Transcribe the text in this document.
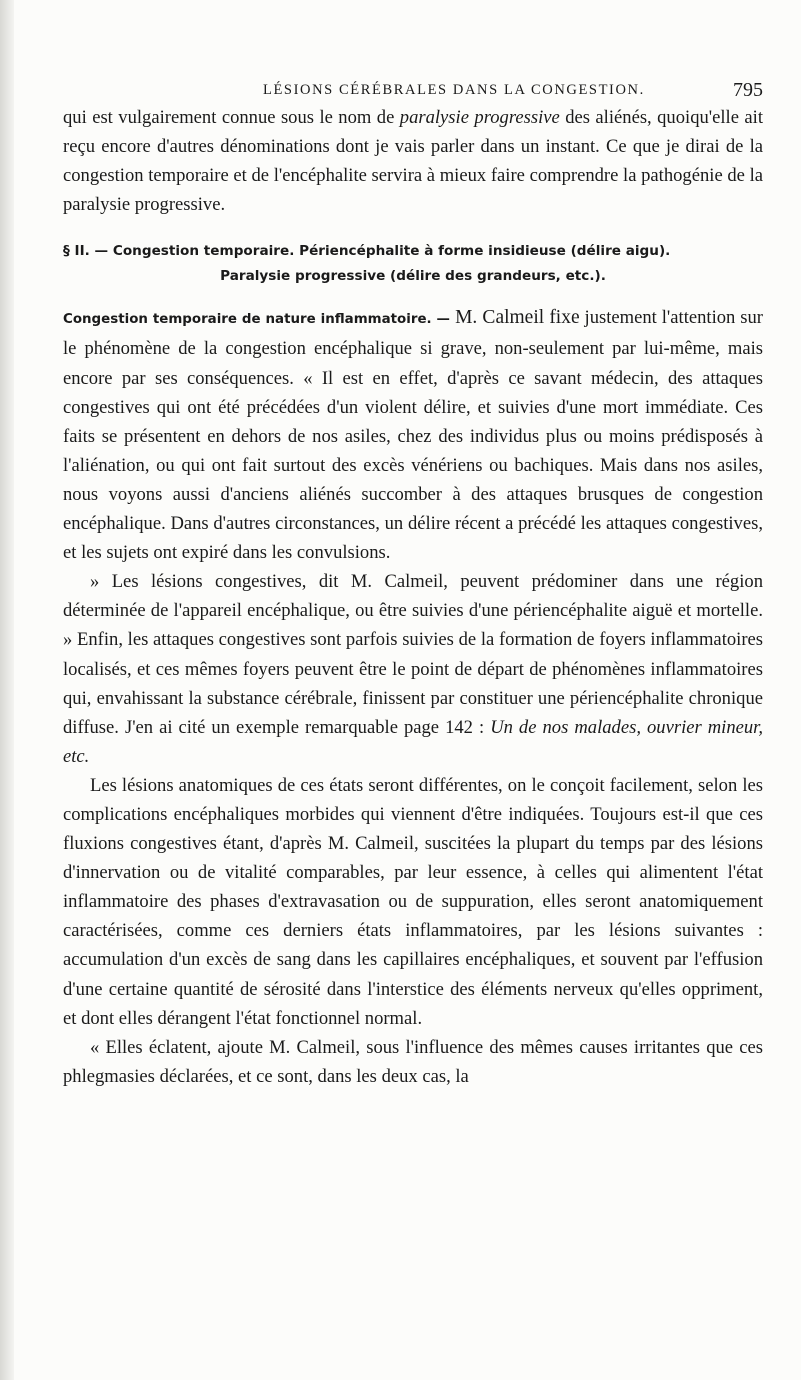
LÉSIONS CÉRÉBRALES DANS LA CONGESTION.	795

qui est vulgairement connue sous le nom de paralysie progressive des aliénés, quoiqu'elle ait reçu encore d'autres dénominations dont je vais parler dans un instant. Ce que je dirai de la congestion temporaire et de l'encéphalite servira à mieux faire comprendre la pathogénie de la paralysie progressive.

§ II. — Congestion temporaire. Périencéphalite à forme insidieuse (délire aigu).
Paralysie progressive (délire des grandeurs, etc.).

Congestion temporaire de nature inflammatoire. — M. Calmeil fixe justement l'attention sur le phénomène de la congestion encéphalique si grave, non-seulement par lui-même, mais encore par ses conséquences. « Il est en effet, d'après ce savant médecin, des attaques congestives qui ont été précédées d'un violent délire, et suivies d'une mort immédiate. Ces faits se présentent en dehors de nos asiles, chez des individus plus ou moins prédisposés à l'aliénation, ou qui ont fait surtout des excès vénériens ou bachiques. Mais dans nos asiles, nous voyons aussi d'anciens aliénés succomber à des attaques brusques de congestion encéphalique. Dans d'autres circonstances, un délire récent a précédé les attaques congestives, et les sujets ont expiré dans les convulsions.

» Les lésions congestives, dit M. Calmeil, peuvent prédominer dans une région déterminée de l'appareil encéphalique, ou être suivies d'une périencéphalite aiguë et mortelle. » Enfin, les attaques congestives sont parfois suivies de la formation de foyers inflammatoires localisés, et ces mêmes foyers peuvent être le point de départ de phénomènes inflammatoires qui, envahissant la substance cérébrale, finissent par constituer une périencéphalite chronique diffuse. J'en ai cité un exemple remarquable page 142 : Un de nos malades, ouvrier mineur, etc.

Les lésions anatomiques de ces états seront différentes, on le conçoit facilement, selon les complications encéphaliques morbides qui viennent d'être indiquées. Toujours est-il que ces fluxions congestives étant, d'après M. Calmeil, suscitées la plupart du temps par des lésions d'innervation ou de vitalité comparables, par leur essence, à celles qui alimentent l'état inflammatoire des phases d'extravasation ou de suppuration, elles seront anatomiquement caractérisées, comme ces derniers états inflammatoires, par les lésions suivantes : accumulation d'un excès de sang dans les capillaires encéphaliques, et souvent par l'effusion d'une certaine quantité de sérosité dans l'interstice des éléments nerveux qu'elles oppriment, et dont elles dérangent l'état fonctionnel normal.

« Elles éclatent, ajoute M. Calmeil, sous l'influence des mêmes causes irritantes que ces phlegmasies déclarées, et ce sont, dans les deux cas, la
